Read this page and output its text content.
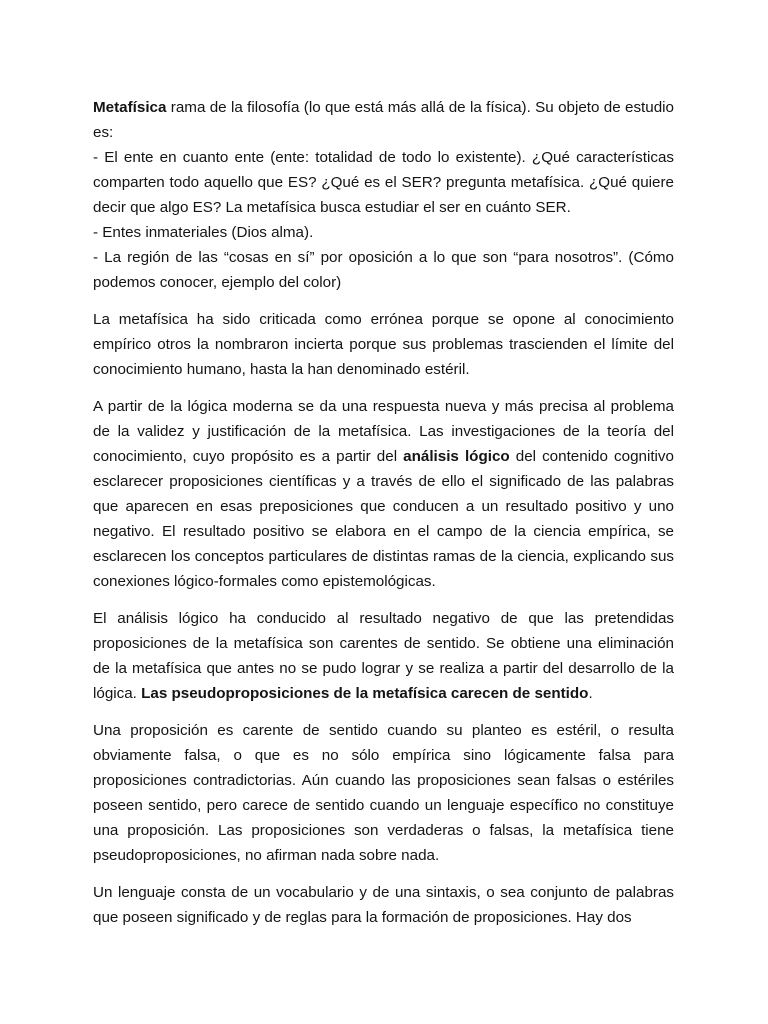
Metafísica rama de la filosofía (lo que está más allá de la física). Su objeto de estudio es:
- El ente en cuanto ente (ente: totalidad de todo lo existente). ¿Qué características comparten todo aquello que ES? ¿Qué es el SER? pregunta metafísica. ¿Qué quiere decir que algo ES? La metafísica busca estudiar el ser en cuánto SER.
- Entes inmateriales (Dios alma).
- La región de las “cosas en sí” por oposición a lo que son “para nosotros”. (Cómo podemos conocer, ejemplo del color)

La metafísica ha sido criticada como errónea porque se opone al conocimiento empírico otros la nombraron incierta porque sus problemas trascienden el límite del conocimiento humano, hasta la han denominado estéril.

A partir de la lógica moderna se da una respuesta nueva y más precisa al problema de la validez y justificación de la metafísica. Las investigaciones de la teoría del conocimiento, cuyo propósito es a partir del análisis lógico del contenido cognitivo esclarecer proposiciones científicas y a través de ello el significado de las palabras que aparecen en esas preposiciones que conducen a un resultado positivo y uno negativo. El resultado positivo se elabora en el campo de la ciencia empírica, se esclarecen los conceptos particulares de distintas ramas de la ciencia, explicando sus conexiones lógico-formales como epistemológicas.

El análisis lógico ha conducido al resultado negativo de que las pretendidas proposiciones de la metafísica son carentes de sentido. Se obtiene una eliminación de la metafísica que antes no se pudo lograr y se realiza a partir del desarrollo de la lógica. Las pseudoproposiciones de la metafísica carecen de sentido.

Una proposición es carente de sentido cuando su planteo es estéril, o resulta obviamente falsa, o que es no sólo empírica sino lógicamente falsa para proposiciones contradictorias. Aún cuando las proposiciones sean falsas o estériles poseen sentido, pero carece de sentido cuando un lenguaje específico no constituye una proposición. Las proposiciones son verdaderas o falsas, la metafísica tiene pseudoproposiciones, no afirman nada sobre nada.

Un lenguaje consta de un vocabulario y de una sintaxis, o sea conjunto de palabras que poseen significado y de reglas para la formación de proposiciones. Hay dos
